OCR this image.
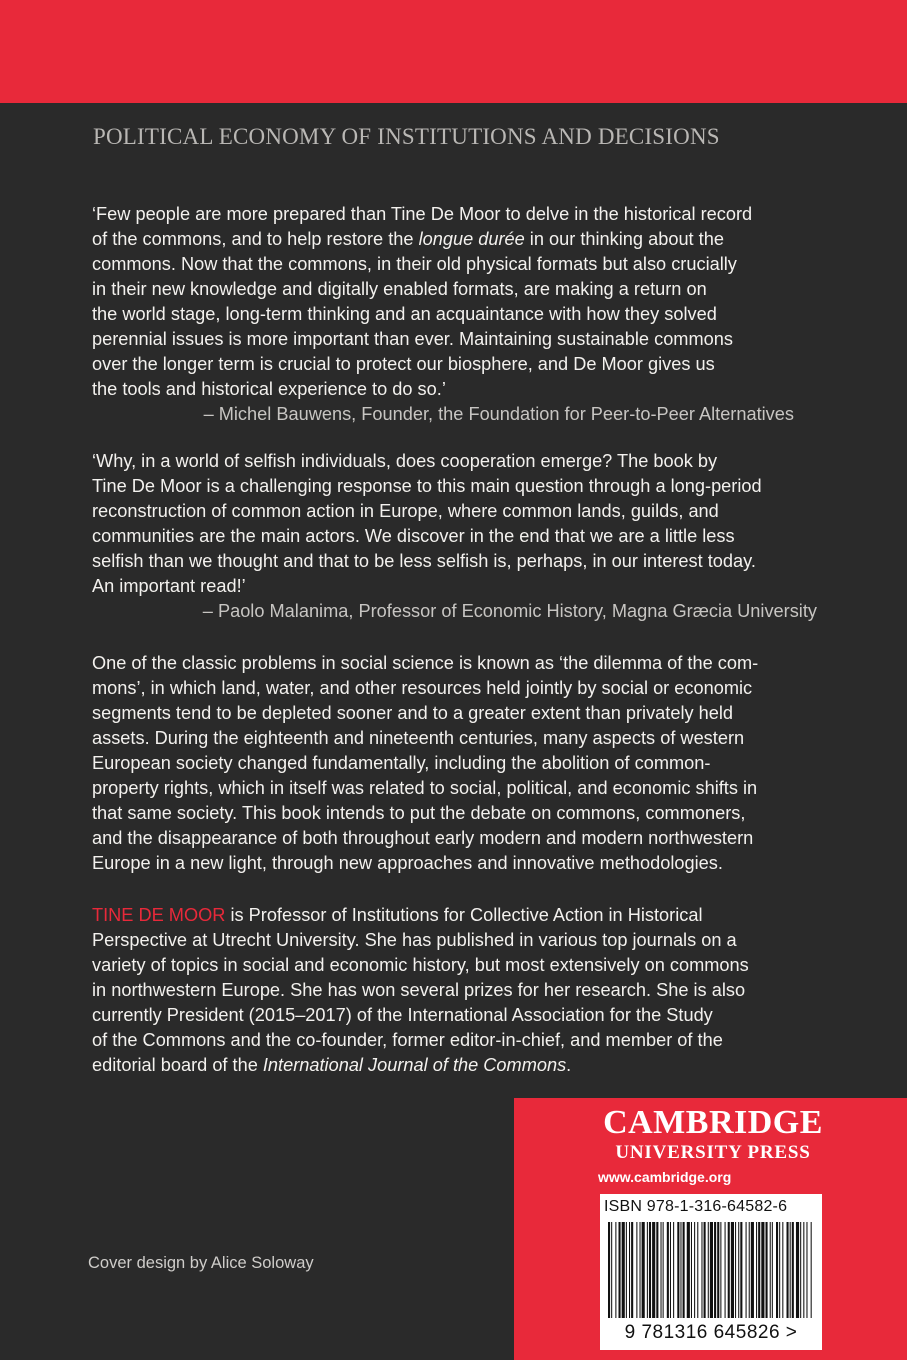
POLITICAL ECONOMY OF INSTITUTIONS AND DECISIONS
‘Few people are more prepared than Tine De Moor to delve in the historical record
of the commons, and to help restore the longue durée in our thinking about the
commons. Now that the commons, in their old physical formats but also crucially
in their new knowledge and digitally enabled formats, are making a return on
the world stage, long-term thinking and an acquaintance with how they solved
perennial issues is more important than ever. Maintaining sustainable commons
over the longer term is crucial to protect our biosphere, and De Moor gives us
the tools and historical experience to do so.’
– Michel Bauwens, Founder, the Foundation for Peer-to-Peer Alternatives
‘Why, in a world of selfish individuals, does cooperation emerge? The book by
Tine De Moor is a challenging response to this main question through a long-period
reconstruction of common action in Europe, where common lands, guilds, and
communities are the main actors. We discover in the end that we are a little less
selfish than we thought and that to be less selfish is, perhaps, in our interest today.
An important read!’
– Paolo Malanima, Professor of Economic History, Magna Græcia University
One of the classic problems in social science is known as ‘the dilemma of the com-
mons’, in which land, water, and other resources held jointly by social or economic
segments tend to be depleted sooner and to a greater extent than privately held
assets. During the eighteenth and nineteenth centuries, many aspects of western
European society changed fundamentally, including the abolition of common-
property rights, which in itself was related to social, political, and economic shifts in
that same society. This book intends to put the debate on commons, commoners,
and the disappearance of both throughout early modern and modern northwestern
Europe in a new light, through new approaches and innovative methodologies.
TINE DE MOOR is Professor of Institutions for Collective Action in Historical
Perspective at Utrecht University. She has published in various top journals on a
variety of topics in social and economic history, but most extensively on commons
in northwestern Europe. She has won several prizes for her research. She is also
currently President (2015–2017) of the International Association for the Study
of the Commons and the co-founder, former editor-in-chief, and member of the
editorial board of the International Journal of the Commons.
Cover design by Alice Soloway
CAMBRIDGE
UNIVERSITY PRESS
www.cambridge.org
ISBN 978-1-316-64582-6
9 781316 645826 >
